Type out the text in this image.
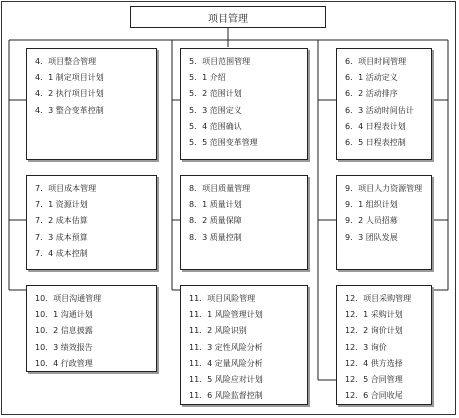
项目管理
4．项目整合管理
4．1 制定项目计划
4．2 执行项目计划
4．3 整合变革控制
5．项目范围管理
5．1 介绍
5．2 范围计划
5．3 范围定义
5．4 范围确认
5．5 范围变革管理
6．项目时间管理
6．1 活动定义
6．2 活动排序
6．3 活动时间估计
6．4 日程表计划
6．5 日程表控制
7．项目成本管理
7．1 资源计划
7．2 成本估算
7．3 成本预算
7．4 成本控制
8．项目质量管理
8．1 质量计划
8．2 质量保障
8．3 质量控制
9．项目人力资源管理
9．1 组织计划
9．2 人员招募
9．3 团队发展
10．项目沟通管理
10．1 沟通计划
10．2 信息披露
10．3 绩效报告
10．4 行政管理
11．项目风险管理
11．1 风险管理计划
11．2 风险识别
11．3 定性风险分析
11．4 定量风险分析
11．5 风险应对计划
11．6 风险监督控制
12．项目采购管理
12．1 采购计划
12．2 询价计划
12．3 询价
12．4 供方选择
12．5 合同管理
12．6 合同收尾
